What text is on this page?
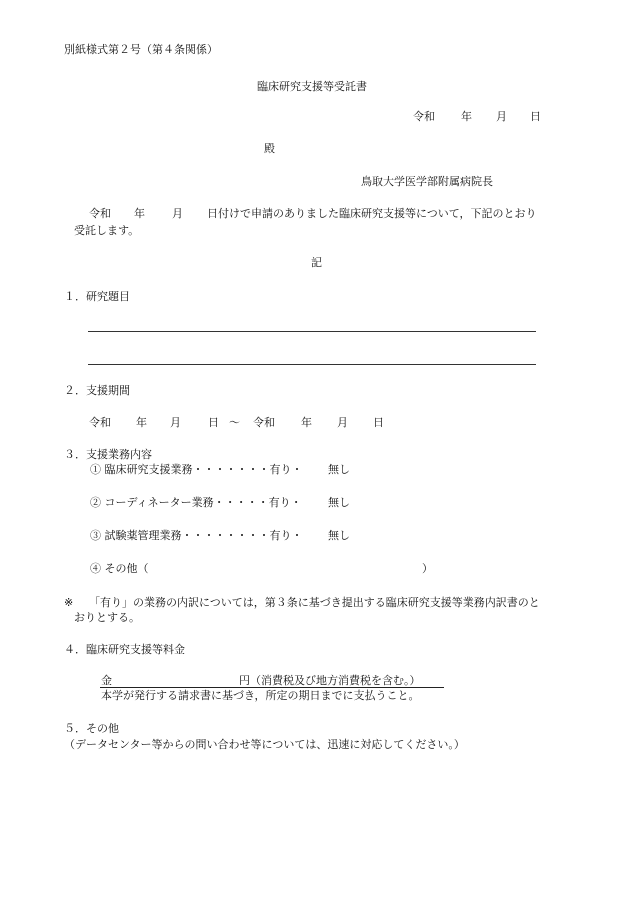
別紙様式第２号（第４条関係）
臨床研究支援等受託書
令和 年 月 日
殿
鳥取大学医学部附属病院長
令和 年 月 日付けで申請のありました臨床研究支援等について，下記のとおり
受託します。
記
１．研究題目
２．支援期間
令和 年 月 日 ～ 令和 年 月 日
３．支援業務内容
① 臨床研究支援業務・・・・・・・有り・ 無し
② コーディネーター業務・・・・・有り・ 無し
③ 試験薬管理業務・・・・・・・・有り・ 無し
④ その他（	）
※ 「有り」の業務の内訳については，第３条に基づき提出する臨床研究支援等業務内訳書のと
おりとする。
４．臨床研究支援等料金
金	円（消費税及び地方消費税を含む。）
本学が発行する請求書に基づき，所定の期日までに支払うこと。
５．その他
（データセンター等からの問い合わせ等については、迅速に対応してください。）
